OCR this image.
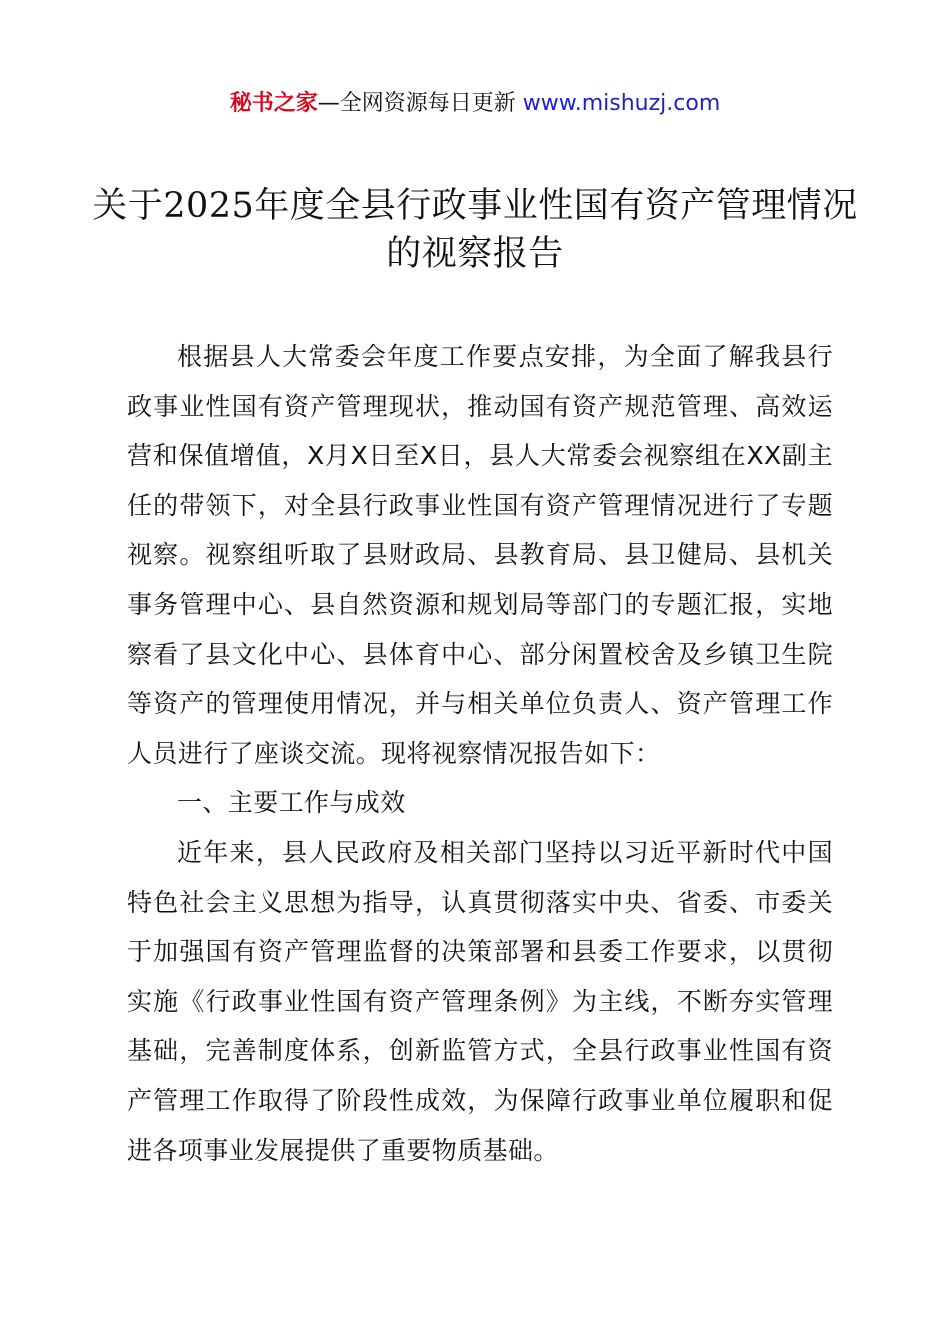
秘书之家—全网资源每日更新 www.mishuzj.com
关于2025年度全县行政事业性国有资产管理情况的视察报告

根据县人大常委会年度工作要点安排，为全面了解我县行政事业性国有资产管理现状，推动国有资产规范管理、高效运营和保值增值，X月X日至X日，县人大常委会视察组在XX副主任的带领下，对全县行政事业性国有资产管理情况进行了专题视察。视察组听取了县财政局、县教育局、县卫健局、县机关事务管理中心、县自然资源和规划局等部门的专题汇报，实地察看了县文化中心、县体育中心、部分闲置校舍及乡镇卫生院等资产的管理使用情况，并与相关单位负责人、资产管理工作人员进行了座谈交流。现将视察情况报告如下：

一、主要工作与成效

近年来，县人民政府及相关部门坚持以习近平新时代中国特色社会主义思想为指导，认真贯彻落实中央、省委、市委关于加强国有资产管理监督的决策部署和县委工作要求，以贯彻实施《行政事业性国有资产管理条例》为主线，不断夯实管理基础，完善制度体系，创新监管方式，全县行政事业性国有资产管理工作取得了阶段性成效，为保障行政事业单位履职和促进各项事业发展提供了重要物质基础。
